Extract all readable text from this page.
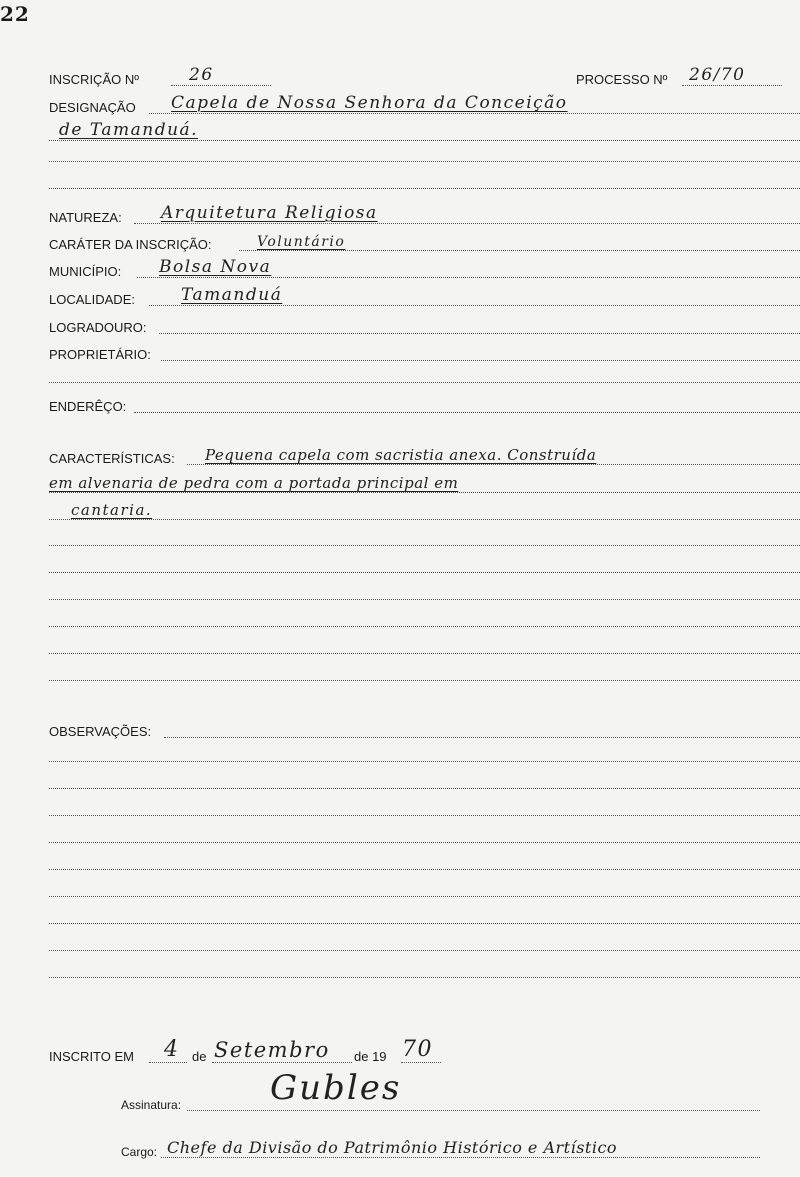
22
INSCRIÇÃO Nº	26	PROCESSO Nº 26/70
DESIGNAÇÃO Capela de Nossa Senhora da Conceição
de Tamanduá.
NATUREZA: Arquitetura Religiosa
CARÁTER DA INSCRIÇÃO:	Voluntário
MUNICÍPIO: Bolsa Nova
LOCALIDADE:	Tamanduá
LOGRADOURO:
PROPRIETÁRIO:
ENDERÊÇO:
CARACTERÍSTICAS: Pequena capela com sacristia anexa. Construída
em alvenaria de pedra com a portada principal em
cantaria.
OBSERVAÇÕES:
INSCRITO EM 4 de Setembro de 19 70
Gubles
Assinatura:
Cargo: Chefe da Divisão do Patrimônio Histórico e Artístico
